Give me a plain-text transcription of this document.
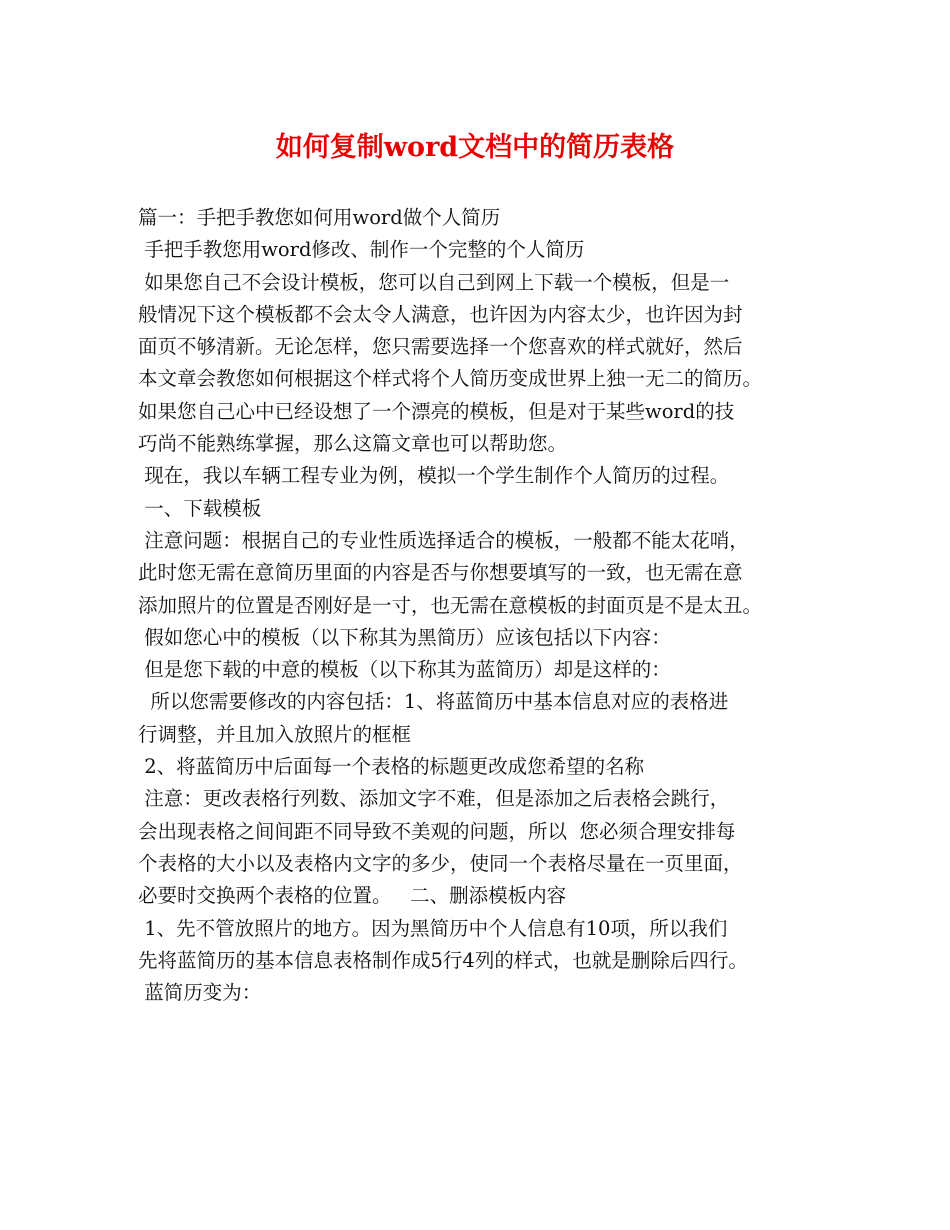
如何复制word文档中的简历表格
篇一：手把手教您如何用word做个人简历
手把手教您用word修改、制作一个完整的个人简历
如果您自己不会设计模板，您可以自己到网上下载一个模板，但是一
般情况下这个模板都不会太令人满意，也许因为内容太少，也许因为封
面页不够清新。无论怎样，您只需要选择一个您喜欢的样式就好，然后
本文章会教您如何根据这个样式将个人简历变成世界上独一无二的简历。
如果您自己心中已经设想了一个漂亮的模板，但是对于某些word的技
巧尚不能熟练掌握，那么这篇文章也可以帮助您。
现在，我以车辆工程专业为例，模拟一个学生制作个人简历的过程。
一、下载模板
注意问题：根据自己的专业性质选择适合的模板，一般都不能太花哨，
此时您无需在意简历里面的内容是否与你想要填写的一致，也无需在意
添加照片的位置是否刚好是一寸，也无需在意模板的封面页是不是太丑。
假如您心中的模板（以下称其为黑简历）应该包括以下内容：
但是您下载的中意的模板（以下称其为蓝简历）却是这样的：
所以您需要修改的内容包括：1、将蓝简历中基本信息对应的表格进
行调整，并且加入放照片的框框
2、将蓝简历中后面每一个表格的标题更改成您希望的名称
注意：更改表格行列数、添加文字不难，但是添加之后表格会跳行，
会出现表格之间间距不同导致不美观的问题，所以  您必须合理安排每
个表格的大小以及表格内文字的多少，使同一个表格尽量在一页里面，
必要时交换两个表格的位置。   二、删添模板内容
1、先不管放照片的地方。因为黑简历中个人信息有10项，所以我们
先将蓝简历的基本信息表格制作成5行4列的样式，也就是删除后四行。
蓝简历变为：
